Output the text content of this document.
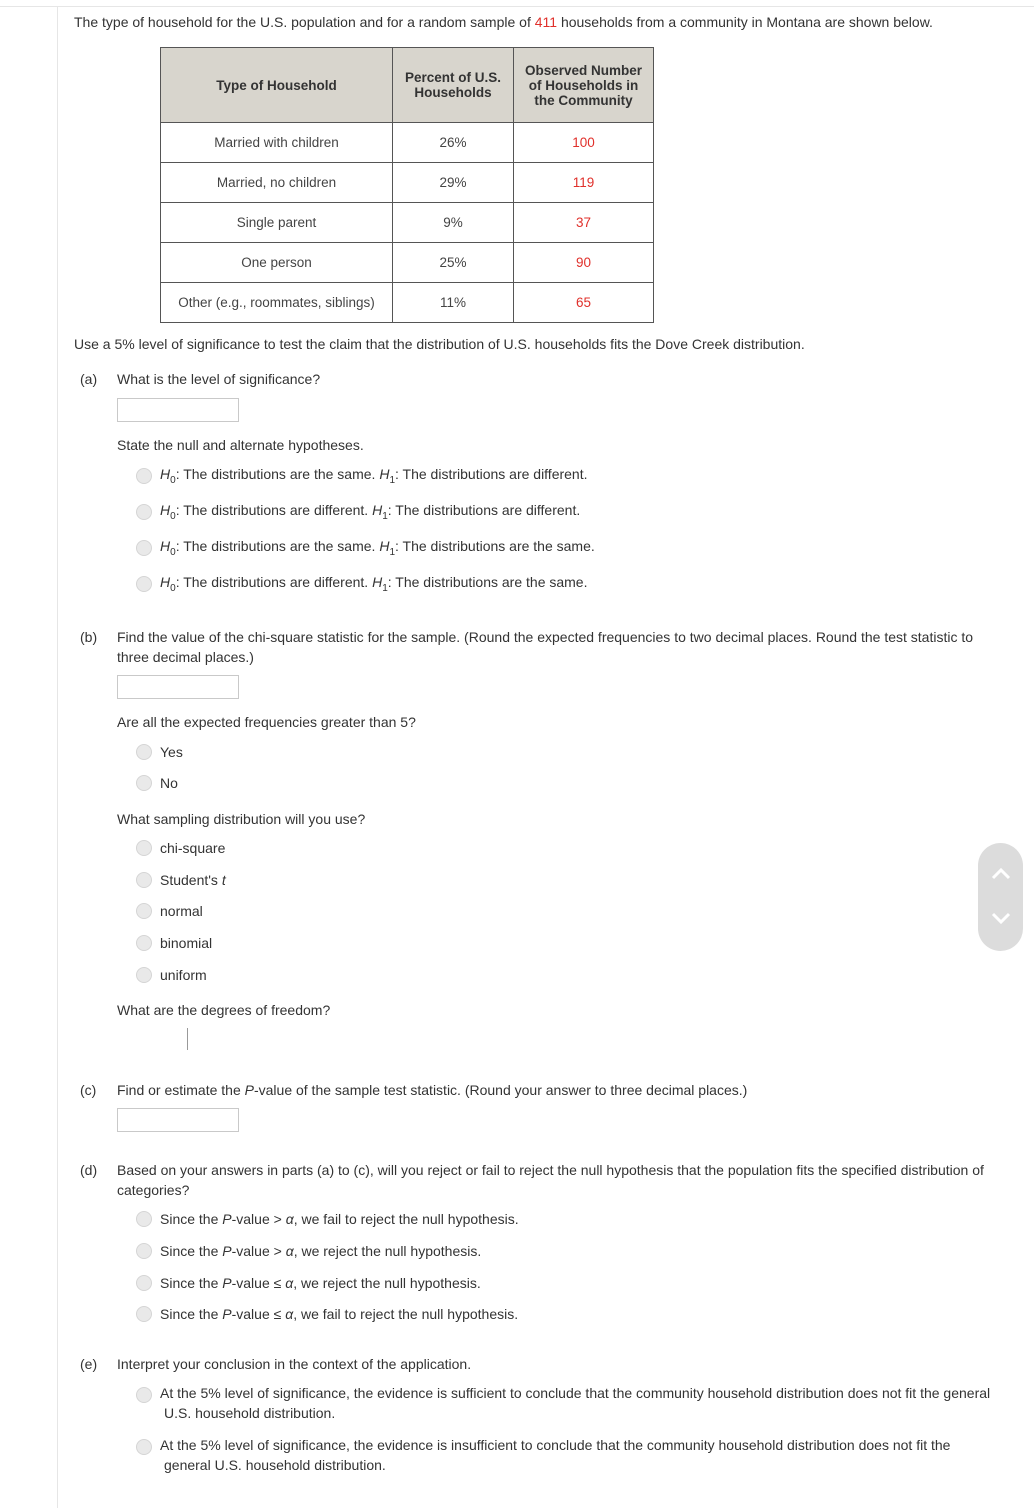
The type of household for the U.S. population and for a random sample of 411 households from a community in Montana are shown below.
Type of Household	Percent of U.S. Households	Observed Number of Households in the Community

Married with children	26%	100
Married, no children	29%	119
Single parent	9%	37
One person	25%	90
Other (e.g., roommates, siblings)	11%	65
Use a 5% level of significance to test the claim that the distribution of U.S. households fits the Dove Creek distribution.
(a) What is the level of significance?
State the null and alternate hypotheses.
$H_0$: The distributions are the same. $H_1$: The distributions are different.
$H_0$: The distributions are different. $H_1$: The distributions are different.
$H_0$: The distributions are the same. $H_1$: The distributions are the same.
$H_0$: The distributions are different. $H_1$: The distributions are the same.
(b) Find the value of the chi-square statistic for the sample. (Round the expected frequencies to two decimal places. Round the test statistic to
three decimal places.)
Are all the expected frequencies greater than 5?
Yes
No
What sampling distribution will you use?
chi-square
Student's t
normal
binomial
uniform
What are the degrees of freedom?
(c) Find or estimate the P-value of the sample test statistic. (Round your answer to three decimal places.)
(d) Based on your answers in parts (a) to (c), will you reject or fail to reject the null hypothesis that the population fits the specified distribution of
categories?
Since the P-value > α, we fail to reject the null hypothesis.
Since the P-value > α, we reject the null hypothesis.
Since the P-value ≤ α, we reject the null hypothesis.
Since the P-value ≤ α, we fail to reject the null hypothesis.
(e) Interpret your conclusion in the context of the application.
At the 5% level of significance, the evidence is sufficient to conclude that the community household distribution does not fit the general
U.S. household distribution.
At the 5% level of significance, the evidence is insufficient to conclude that the community household distribution does not fit the
general U.S. household distribution.
